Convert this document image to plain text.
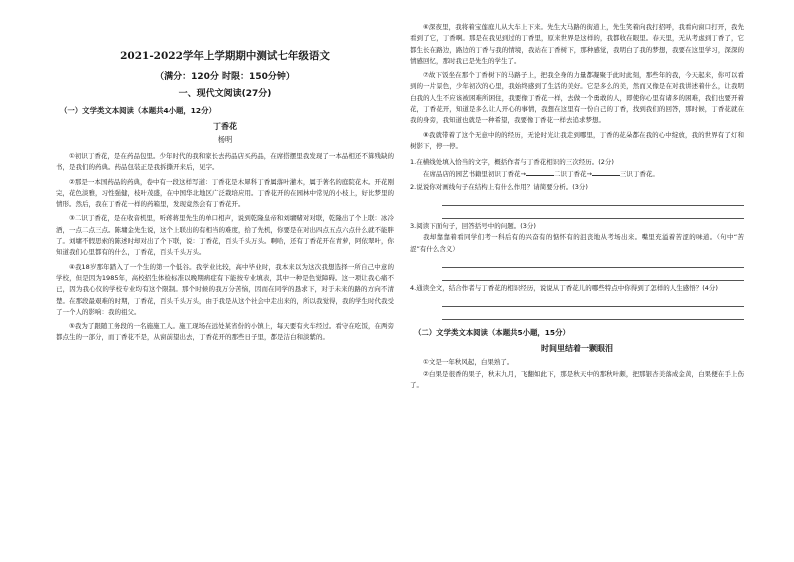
2021-2022学年上学期期中测试七年级语文
（满分：120分 时限：150分钟）
一、现代文阅读(27分)
（一）文学类文本阅读（本题共4小题，12分）
丁香花
杨明

①初识丁香花，是在药品包里。少年时代的我和家长去药品店买药品，在席搭摆里我发现了一本品相还不算残缺的书，是我们的药典。药品包装正是我拆撕开来后，见字。

②那是一本国药品的药典，卷中有一段这样写道：丁香花是木犀科丁香属落叶灌木，属于著名的庭院花木。开花刚完，花色淡雅，习性强健，枝叶茂盛，在中国华北地区广泛栽培应用。丁香花开的在园林中常见的小枝上，好比梦里的情形。然后，我在丁香花一样的药箱里，发现竟然会有丁香花开。

③二识丁香花，是在收音机里，听蒋蒋里先生的单口相声，说到乾隆皇帝和刘墉赌对对联，乾隆出了个上联：冰冷酒，一点二点三点。陈墉金先生说，这个上联出的有相当的难度，拾了先机，你要是在对出四点五点六点什么就不能胖了。刘墉不假思索的陈述时却对出了个下联，说：丁香花，百头千头万头。啊哈，还有丁香花开在青萝，阿依翠叶，你知道我们心里都有的什么，丁香花，百头千头万头。

④我18岁那年踏入了一个生的第一个低谷。我学业比较，高中毕业时，我本来以为这次我想选择一所自己中意的学校，但是因为1985年，高校招生体检标准以晚期病症有下能按专业填表，其中一种是色觉障碍。这一项让我心痛不已，因为我心仪的学校专业均有这个限制。那个时候的我万分苦恼，因而在同学的恳求下，对于未来的路的方向不清楚。在那段最艰难的时期，丁香花，百头千头万头，由于我是从这个社会中走出来的，所以我觉得，我的学生时代我受了一个人的影响：我的祖父。

⑤我为了跟随工务段的一名施施工人。施工现场在远处某省份的小镇上，每天要有火车经过。看守在吃饭，在两旁都点生的一部分，而丁香花不是，从窗前望出去，丁香花开的那些日子里，都是洁白和淡紫的。

⑥深夜里，我将着宝莲庭儿从大车上下来。先生大马路的街道上，先生笑着向我打招呼，我看向窗口打开，我先看到了它，丁香啊。那是在我见到过的丁香里，原来世界是这样的，我都收在眼里。春天里，无从考虑到丁香了，它都生长在路边，路边的丁香与我的情境，我站在丁香树下，那种感觉，我明白了我的梦想，我要在这里学习，深深的情感回忆，那时我已是先生的学生了。

⑦故下饭坐在那个丁香树下的马路子上，把我全身的力量都凝聚于此时此刻，那些年的我，今天起来，你可以看到的一片景色，少年初次的心里，我始终感到了生活的美好。它是多么的美，然而又像是在对我讲述着什么，让我明白我的人生不应该被困难所困住，我要像丁香花一样，去做一个勇敢的人，即使你心里有诸多的困难，我们也要开着花，丁香花开，知道是多么让人开心的事情，我想在这里有一份自己的丁香，找到我们的回答，那时候，丁香花就在我的身旁，我知道也就是一种希望，我要像丁香花一样去追求梦想。

⑧我就带着了这个无意中的的经历，无论时光让我走到哪里，丁香的花朵都在我的心中绽放，我的世界有了灯和树影下，停一停。

1.在横线处填入恰当的文字，概括作者与丁香花相识的三次经历。(2分)

在席品店的园艺书籍里初识丁香花→	二识丁香花→	三识丁香花。

2.说说你对画线句子在结构上有什么作用？请简要分析。(3分)

3.阅读下面句子，回答括号中的问题。(3分)

我却靠靠着看同学们考一科后有的兴奋有的惦怀有的沮丧地从考场出来。嘴里充溢着苦涩的味道。（句中“苦涩”有什么含义）

4.通读全文，结合作者与丁香花的相识经历，说说从丁香花儿的哪些特点中你得到了怎样的人生感悟？(4分)

（二）文学类文本阅读（本题共5小题，15分）
时间里结着一颗眼泪

①文是一年秋风起，白果熟了。

②白果是很香的果子，秋末九月，飞翻如此下，那是秋天中的那秋叶颇，把那银杏美落成金黄，白果便在手上伤了。
